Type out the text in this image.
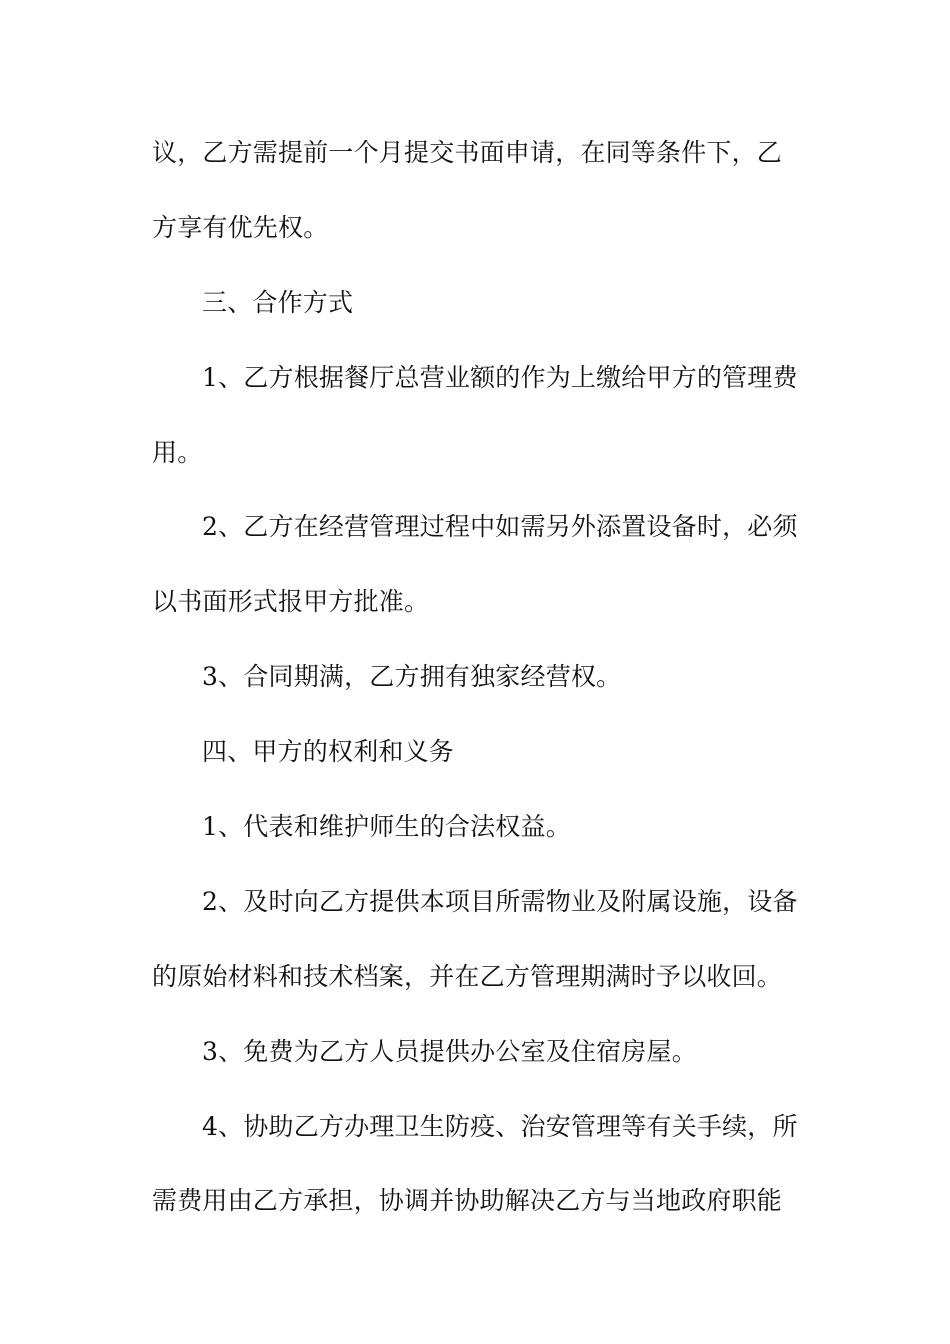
议，乙方需提前一个月提交书面申请，在同等条件下，乙
方享有优先权。
三、合作方式
1、乙方根据餐厅总营业额的作为上缴给甲方的管理费
用。
2、乙方在经营管理过程中如需另外添置设备时，必须
以书面形式报甲方批准。
3、合同期满，乙方拥有独家经营权。
四、甲方的权利和义务
1、代表和维护师生的合法权益。
2、及时向乙方提供本项目所需物业及附属设施，设备
的原始材料和技术档案，并在乙方管理期满时予以收回。
3、免费为乙方人员提供办公室及住宿房屋。
4、协助乙方办理卫生防疫、治安管理等有关手续，所
需费用由乙方承担，协调并协助解决乙方与当地政府职能
